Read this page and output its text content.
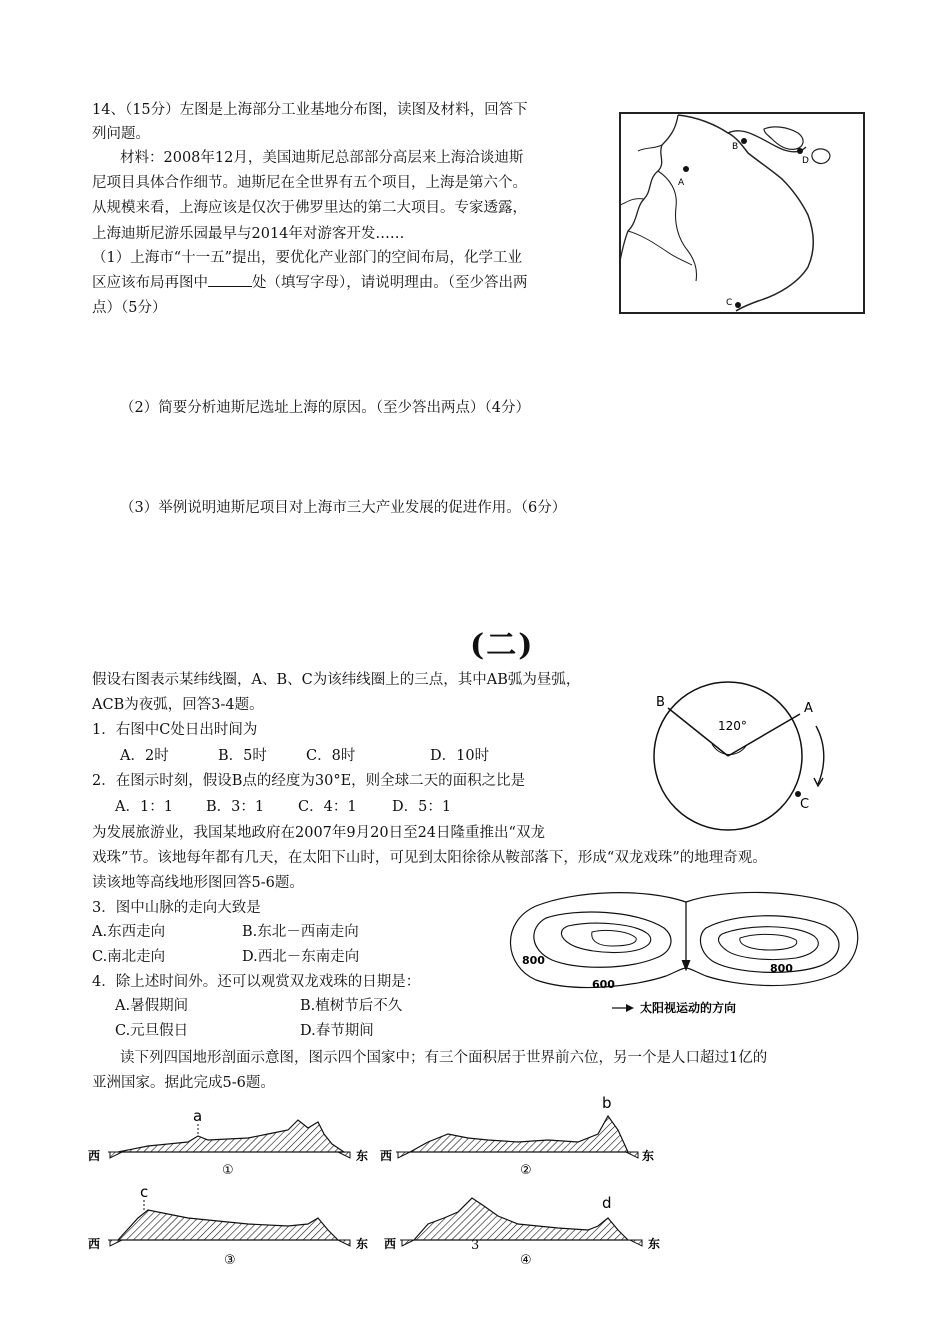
14、（15分）左图是上海部分工业基地分布图，读图及材料，回答下
列问题。
材料：2008年12月，美国迪斯尼总部部分高层来上海洽谈迪斯
尼项目具体合作细节。迪斯尼在全世界有五个项目，上海是第六个。
从规模来看，上海应该是仅次于佛罗里达的第二大项目。专家透露，
上海迪斯尼游乐园最早与2014年对游客开发……
（1）上海市“十一五”提出，要优化产业部门的空间布局，化学工业
区应该布局再图中	处（填写字母），请说明理由。（至少答出两
点）（5分）
（2）简要分析迪斯尼选址上海的原因。（至少答出两点）（4分）
（3）举例说明迪斯尼项目对上海市三大产业发展的促进作用。（6分）
A
B
D
C
(二)
假设右图表示某纬线圈，A、B、C为该纬线圈上的三点，其中AB弧为昼弧，
ACB为夜弧，回答3-4题。
1．右图中C处日出时间为
A．2时	B．5时	C．8时	D．10时
2．在图示时刻，假设B点的经度为30°E，则全球二天的面积之比是
A．1：1 B．3：1 C．4：1 D．5：1
120°
B	A
C
为发展旅游业，我国某地政府在2007年9月20日至24日隆重推出“双龙
戏珠”节。该地每年都有几天，在太阳下山时，可见到太阳徐徐从鞍部落下，形成“双龙戏珠”的地理奇观。
读该地等高线地形图回答5-6题。
3．图中山脉的走向大致是
A.东西走向	B.东北－西南走向
C.南北走向	D.西北－东南走向
4．除上述时间外。还可以观赏双龙戏珠的日期是：
A.暑假期间	B.植树节后不久
C.元旦假日	D.春节期间
800
800
600
太阳视运动的方向
读下列四国地形剖面示意图，图示四个国家中；有三个面积居于世界前六位，另一个是人口超过1亿的
亚洲国家。据此完成5-6题。
a
西	东
①
b
西	东
②
c
西	东
③
d
西	东
④
3
